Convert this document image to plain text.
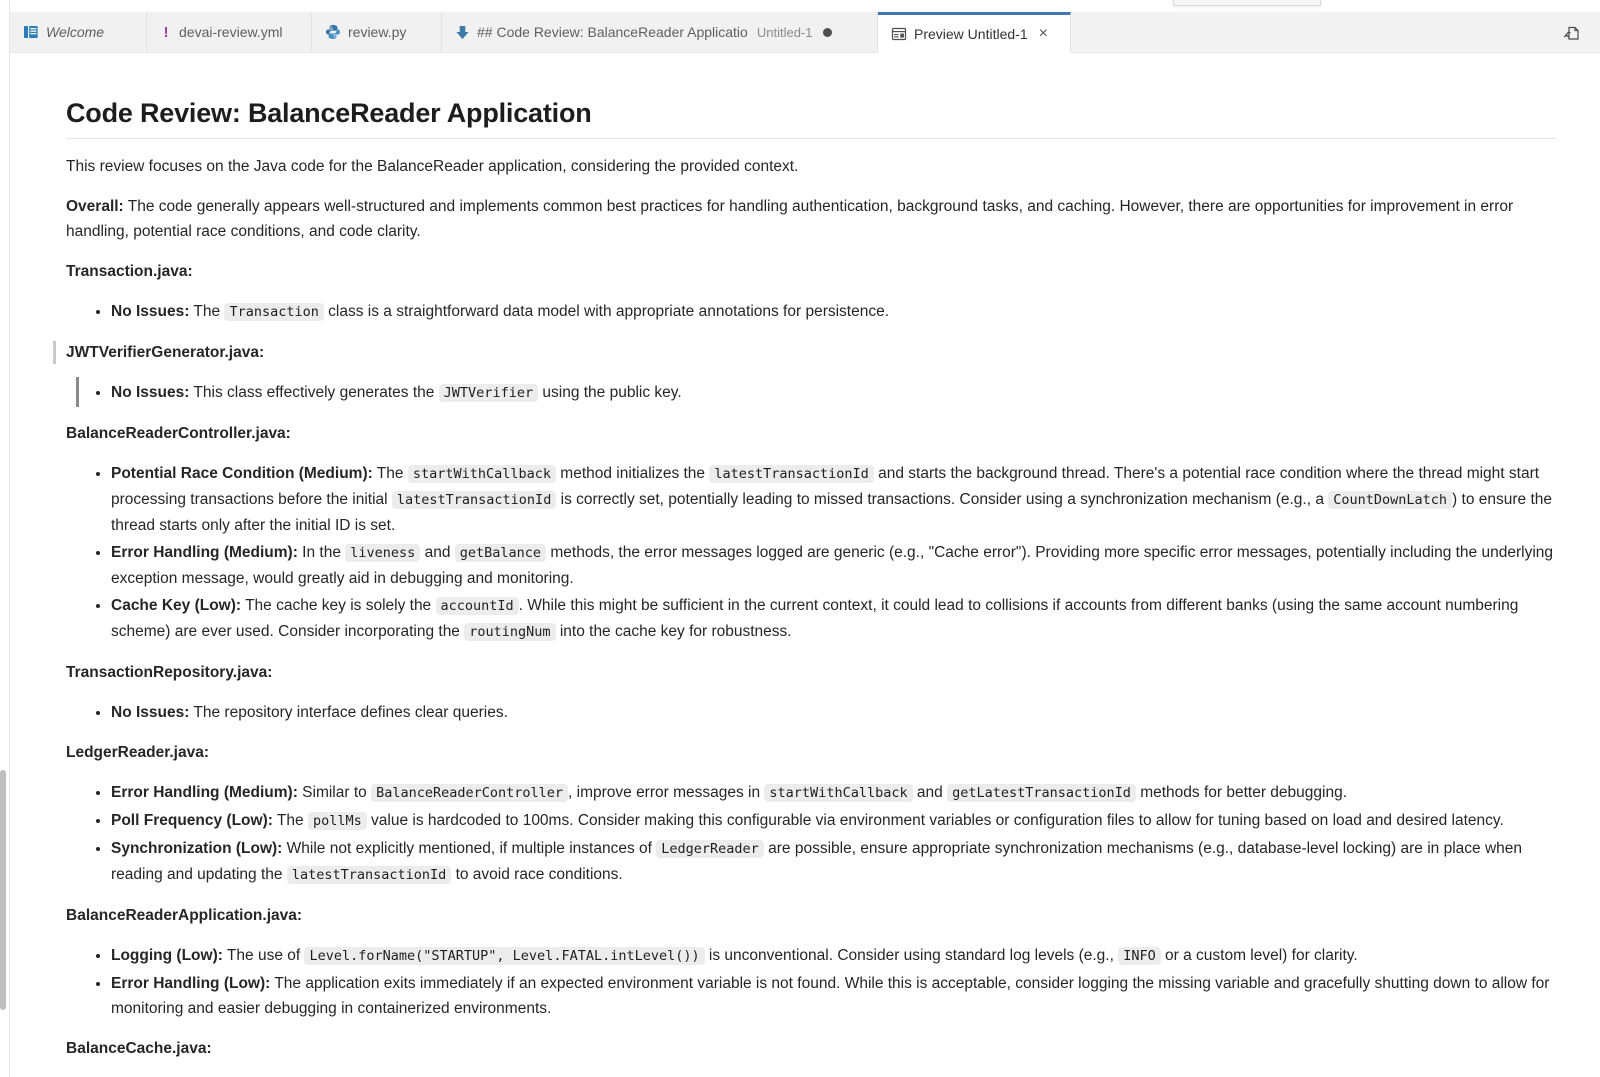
Welcome	! devai-review.yml	review.py	## Code Review: BalanceReader Applicatio Untitled-1	Preview Untitled-1 ×
Code Review: BalanceReader Application

This review focuses on the Java code for the BalanceReader application, considering the provided context.

Overall: The code generally appears well-structured and implements common best practices for handling authentication, background tasks, and caching. However, there are opportunities for improvement in error handling, potential race conditions, and code clarity.

Transaction.java:

• No Issues: The Transaction class is a straightforward data model with appropriate annotations for persistence.

JWTVerifierGenerator.java:

• No Issues: This class effectively generates the JWTVerifier using the public key.

BalanceReaderController.java:

• Potential Race Condition (Medium): The startWithCallback method initializes the latestTransactionId and starts the background thread. There's a potential race condition where the thread might start processing transactions before the initial latestTransactionId is correctly set, potentially leading to missed transactions. Consider using a synchronization mechanism (e.g., a CountDownLatch ) to ensure the thread starts only after the initial ID is set.
• Error Handling (Medium): In the liveness and getBalance methods, the error messages logged are generic (e.g., "Cache error"). Providing more specific error messages, potentially including the underlying exception message, would greatly aid in debugging and monitoring.
• Cache Key (Low): The cache key is solely the accountId . While this might be sufficient in the current context, it could lead to collisions if accounts from different banks (using the same account numbering scheme) are ever used. Consider incorporating the routingNum into the cache key for robustness.

TransactionRepository.java:

• No Issues: The repository interface defines clear queries.

LedgerReader.java:

• Error Handling (Medium): Similar to BalanceReaderController , improve error messages in startWithCallback and getLatestTransactionId methods for better debugging.
• Poll Frequency (Low): The pollMs value is hardcoded to 100ms. Consider making this configurable via environment variables or configuration files to allow for tuning based on load and desired latency.
• Synchronization (Low): While not explicitly mentioned, if multiple instances of LedgerReader are possible, ensure appropriate synchronization mechanisms (e.g., database-level locking) are in place when reading and updating the latestTransactionId to avoid race conditions.

BalanceReaderApplication.java:

• Logging (Low): The use of Level.forName("STARTUP", Level.FATAL.intLevel()) is unconventional. Consider using standard log levels (e.g., INFO or a custom level) for clarity.
• Error Handling (Low): The application exits immediately if an expected environment variable is not found. While this is acceptable, consider logging the missing variable and gracefully shutting down to allow for monitoring and easier debugging in containerized environments.

BalanceCache.java:
